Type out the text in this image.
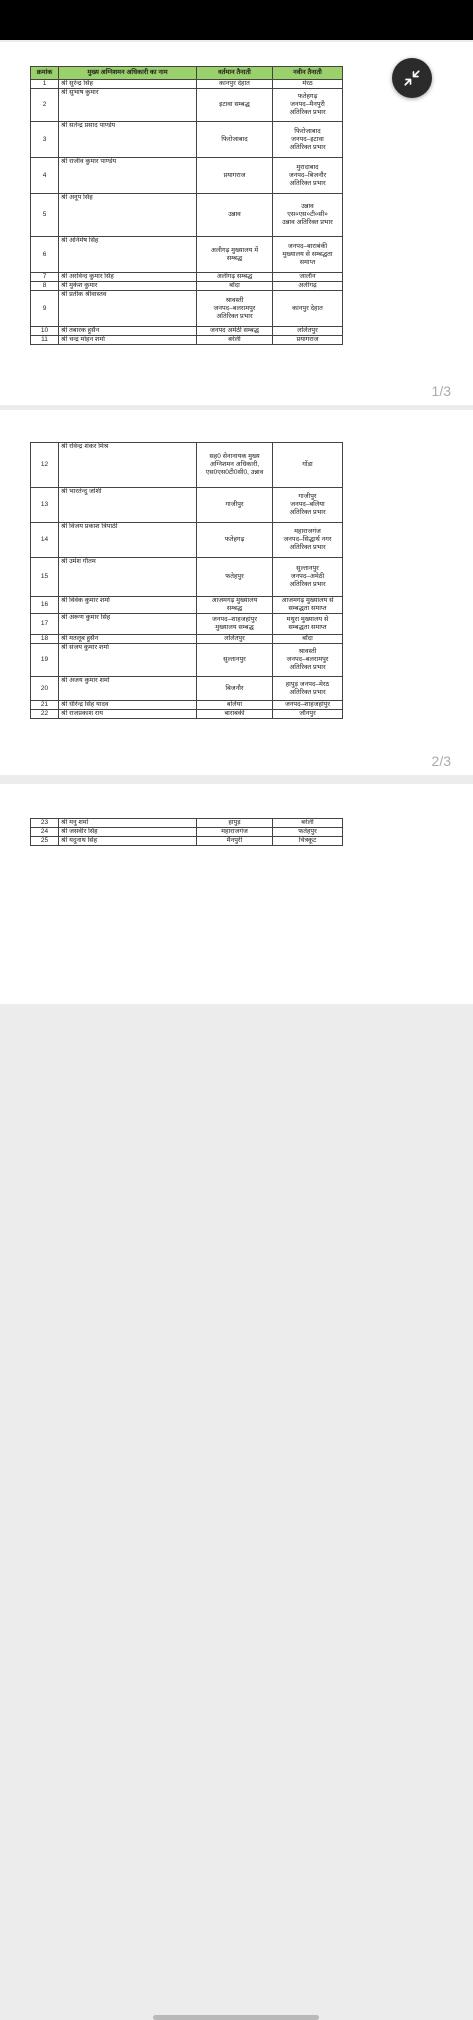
क्रमांक	मुख्य अग्निशमन अधिकारी का नाम	वर्तमान तैनाती	नवीन तैनाती
1	श्री सुरेन्द्र सिंह	कानपुर देहात	मेरठ
2	श्री सुभाष कुमार	इटावा सम्बद्ध	फतेहगढ़
जनपद–मैनपुरी
अतिरिक्त प्रभार
3	श्री सतेन्द्र प्रसाद पाण्डेय	फिरोजाबाद	फिरोजाबाद
जनपद–इटावा
अतिरिक्त प्रभार
4	श्री राजीव कुमार पाण्डेय	प्रयागराज	मुरादाबाद
जनपद–बिजनौर
अतिरिक्त प्रभार
5	श्री अनूप सिंह	उन्नाव	उन्नाव
एस०एस०टी०सी०
उन्नाव अतिरिक्त प्रभार
6	श्री अनिमेष सिंह	अलीगढ़ मुख्यालय में
सम्बद्ध	जनपद–बाराबंकी
मुख्यालय से सम्बद्धता
समाप्त
7	श्री अरविन्द कुमार सिंह	अलीगढ़ सम्बद्ध	जालौन
8	श्री मुकेश कुमार	बाँदा	अलीगढ़
9	श्री प्रतीक श्रीवास्तव	श्रावस्ती
जनपद–बलरामपुर
अतिरिक्त प्रभार	कानपुर देहात
10	श्री तबारक हुसैन	जनपद अमेठी सम्बद्ध	ललितपुर
11	श्री चन्द्र मोहन शर्मा	बरेली	प्रयागराज
1/3
12	श्री रविन्द्र शंकर मिश्र	सह0 सेनानायक मुख्य
अग्निशमन अधिकारी,
एस0एस0टी0सी0, उन्नाव	गोंडा
13	श्री भारतेन्दु जोशी	गाजीपुर	गाजीपुर
जनपद–बलिया
अतिरिक्त प्रभार
14	श्री विजय प्रकाश त्रिपाठी	फतेहगढ़	महाराजगंज
जनपद–सिद्धार्थ नगर
अतिरिक्त प्रभार
15	श्री उमेश गौतम	फतेहपुर	सुल्तानपुर
जनपद–अमेठी
अतिरिक्त प्रभार
16	श्री विवेक कुमार शर्मा	आजमगढ़ मुख्यालय
सम्बद्ध	आजमगढ़ मुख्यालय से
सम्बद्धता समाप्त
17	श्री अरूण कुमार सिंह	जनपद–शाहजहांपुर
मुख्यालय सम्बद्ध	मथुरा मुख्यालय से
सम्बद्धता समाप्त
18	श्री मतलूब हुसैन	ललितपुर	बाँदा
19	श्री संजय कुमार शर्मा	सुल्तानपुर	श्रावस्ती
जनपद–बलरामपुर
अतिरिक्त प्रभार
20	श्री अजय कुमार शर्मा	बिजनौर	हापुड़ जनपद–मेरठ
अतिरिक्त प्रभार
21	श्री धीरेन्द्र सिंह यादव	बलिया	जनपद–शाहजहांपुर
22	श्री राजप्रकाश राय	बाराबंकी	जौनपुर
2/3
23	श्री मनु शर्मा	हापुड़	बरेली
24	श्री जसवीर सिंह	महाराजगंज	फतेहपुर
25	श्री यदुनाथ सिंह	मैनपुरी	चित्रकूट
